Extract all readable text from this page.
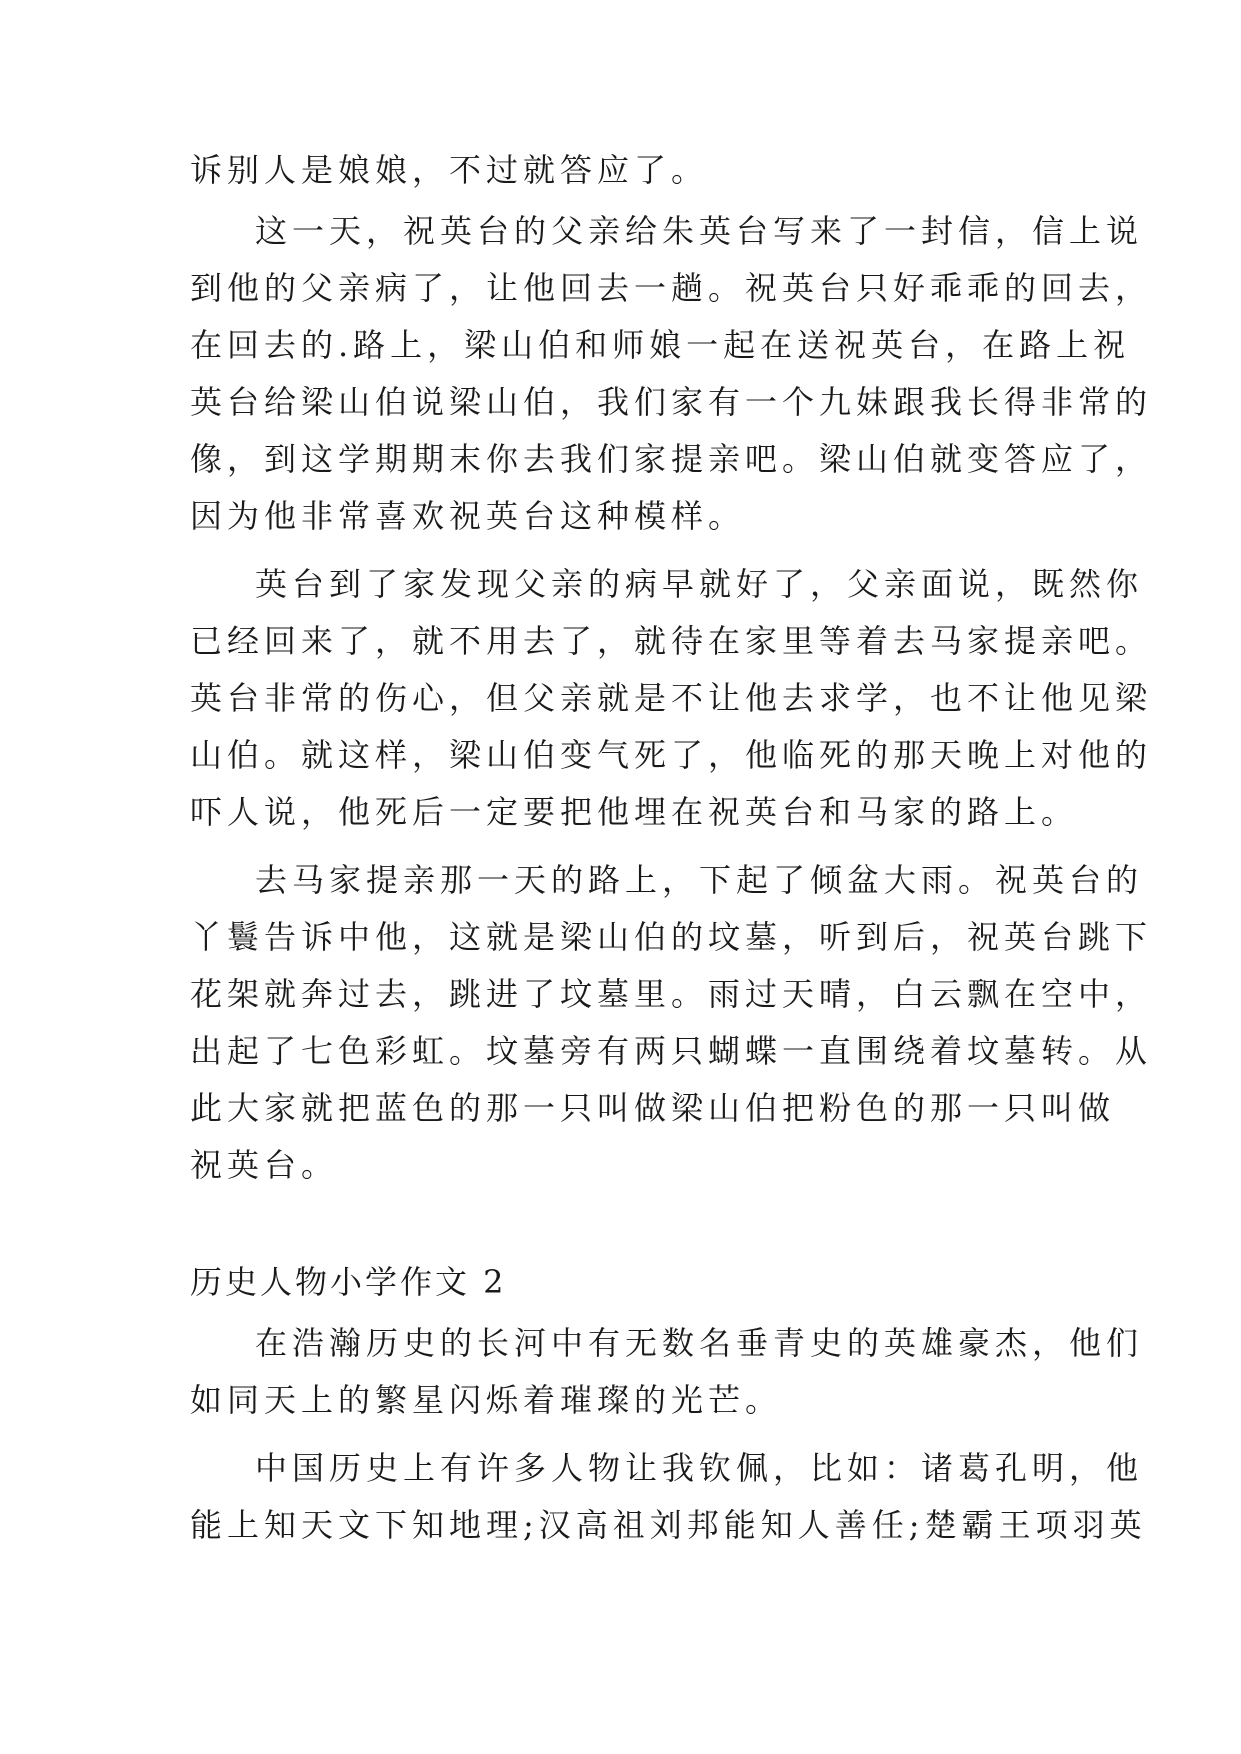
诉别人是娘娘，不过就答应了。
这一天，祝英台的父亲给朱英台写来了一封信，信上说
到他的父亲病了，让他回去一趟。祝英台只好乖乖的回去，
在回去的.路上，梁山伯和师娘一起在送祝英台，在路上祝
英台给梁山伯说梁山伯，我们家有一个九妹跟我长得非常的
像，到这学期期末你去我们家提亲吧。梁山伯就变答应了，
因为他非常喜欢祝英台这种模样。
英台到了家发现父亲的病早就好了，父亲面说，既然你
已经回来了，就不用去了，就待在家里等着去马家提亲吧。
英台非常的伤心，但父亲就是不让他去求学，也不让他见梁
山伯。就这样，梁山伯变气死了，他临死的那天晚上对他的
吓人说，他死后一定要把他埋在祝英台和马家的路上。
去马家提亲那一天的路上，下起了倾盆大雨。祝英台的
丫鬟告诉中他，这就是梁山伯的坟墓，听到后，祝英台跳下
花架就奔过去，跳进了坟墓里。雨过天晴，白云飘在空中，
出起了七色彩虹。坟墓旁有两只蝴蝶一直围绕着坟墓转。从
此大家就把蓝色的那一只叫做梁山伯把粉色的那一只叫做
祝英台。
历史人物小学作文 2
在浩瀚历史的长河中有无数名垂青史的英雄豪杰，他们
如同天上的繁星闪烁着璀璨的光芒。
中国历史上有许多人物让我钦佩，比如：诸葛孔明，他
能上知天文下知地理;汉高祖刘邦能知人善任;楚霸王项羽英
